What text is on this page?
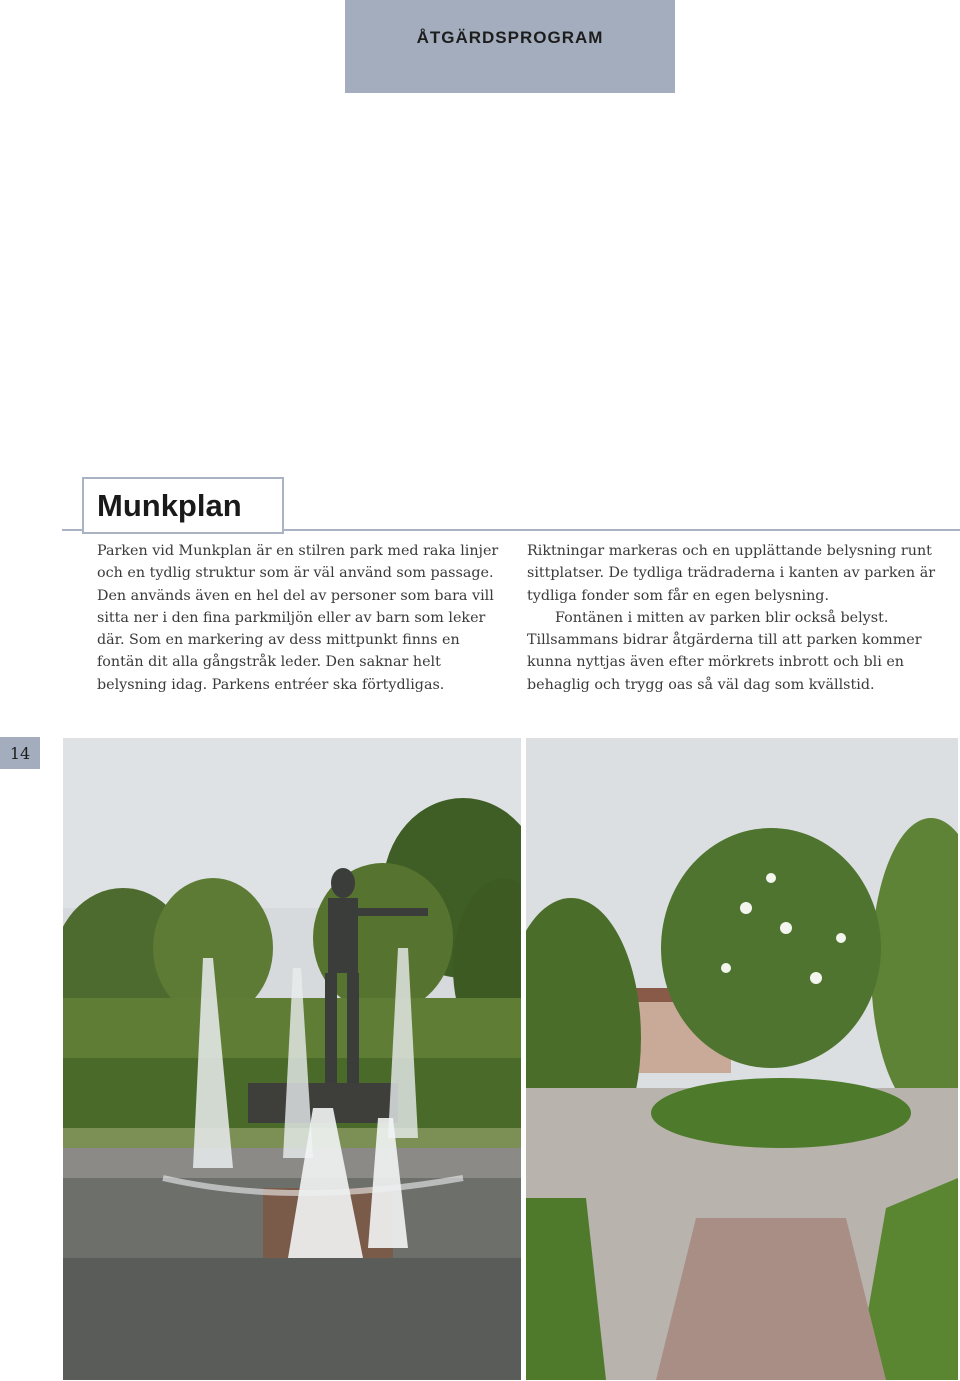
ÅTGÄRDSPROGRAM
Munkplan

Parken vid Munkplan är en stilren park med raka linjer och en tydlig struktur som är väl använd som passage. Den används även en hel del av personer som bara vill sitta ner i den fina parkmiljön eller av barn som leker där. Som en markering av dess mittpunkt finns en fontän dit alla gångstråk leder. Den saknar helt belysning idag. Parkens entréer ska förtydligas.

Riktningar markeras och en upplättande belysning runt sittplatser. De tydliga trädraderna i kanten av parken är tydliga fonder som får en egen belysning.

Fontänen i mitten av parken blir också belyst. Tillsammans bidrar åtgärderna till att parken kommer kunna nyttjas även efter mörkrets inbrott och bli en behaglig och trygg oas så väl dag som kvällstid.

14
